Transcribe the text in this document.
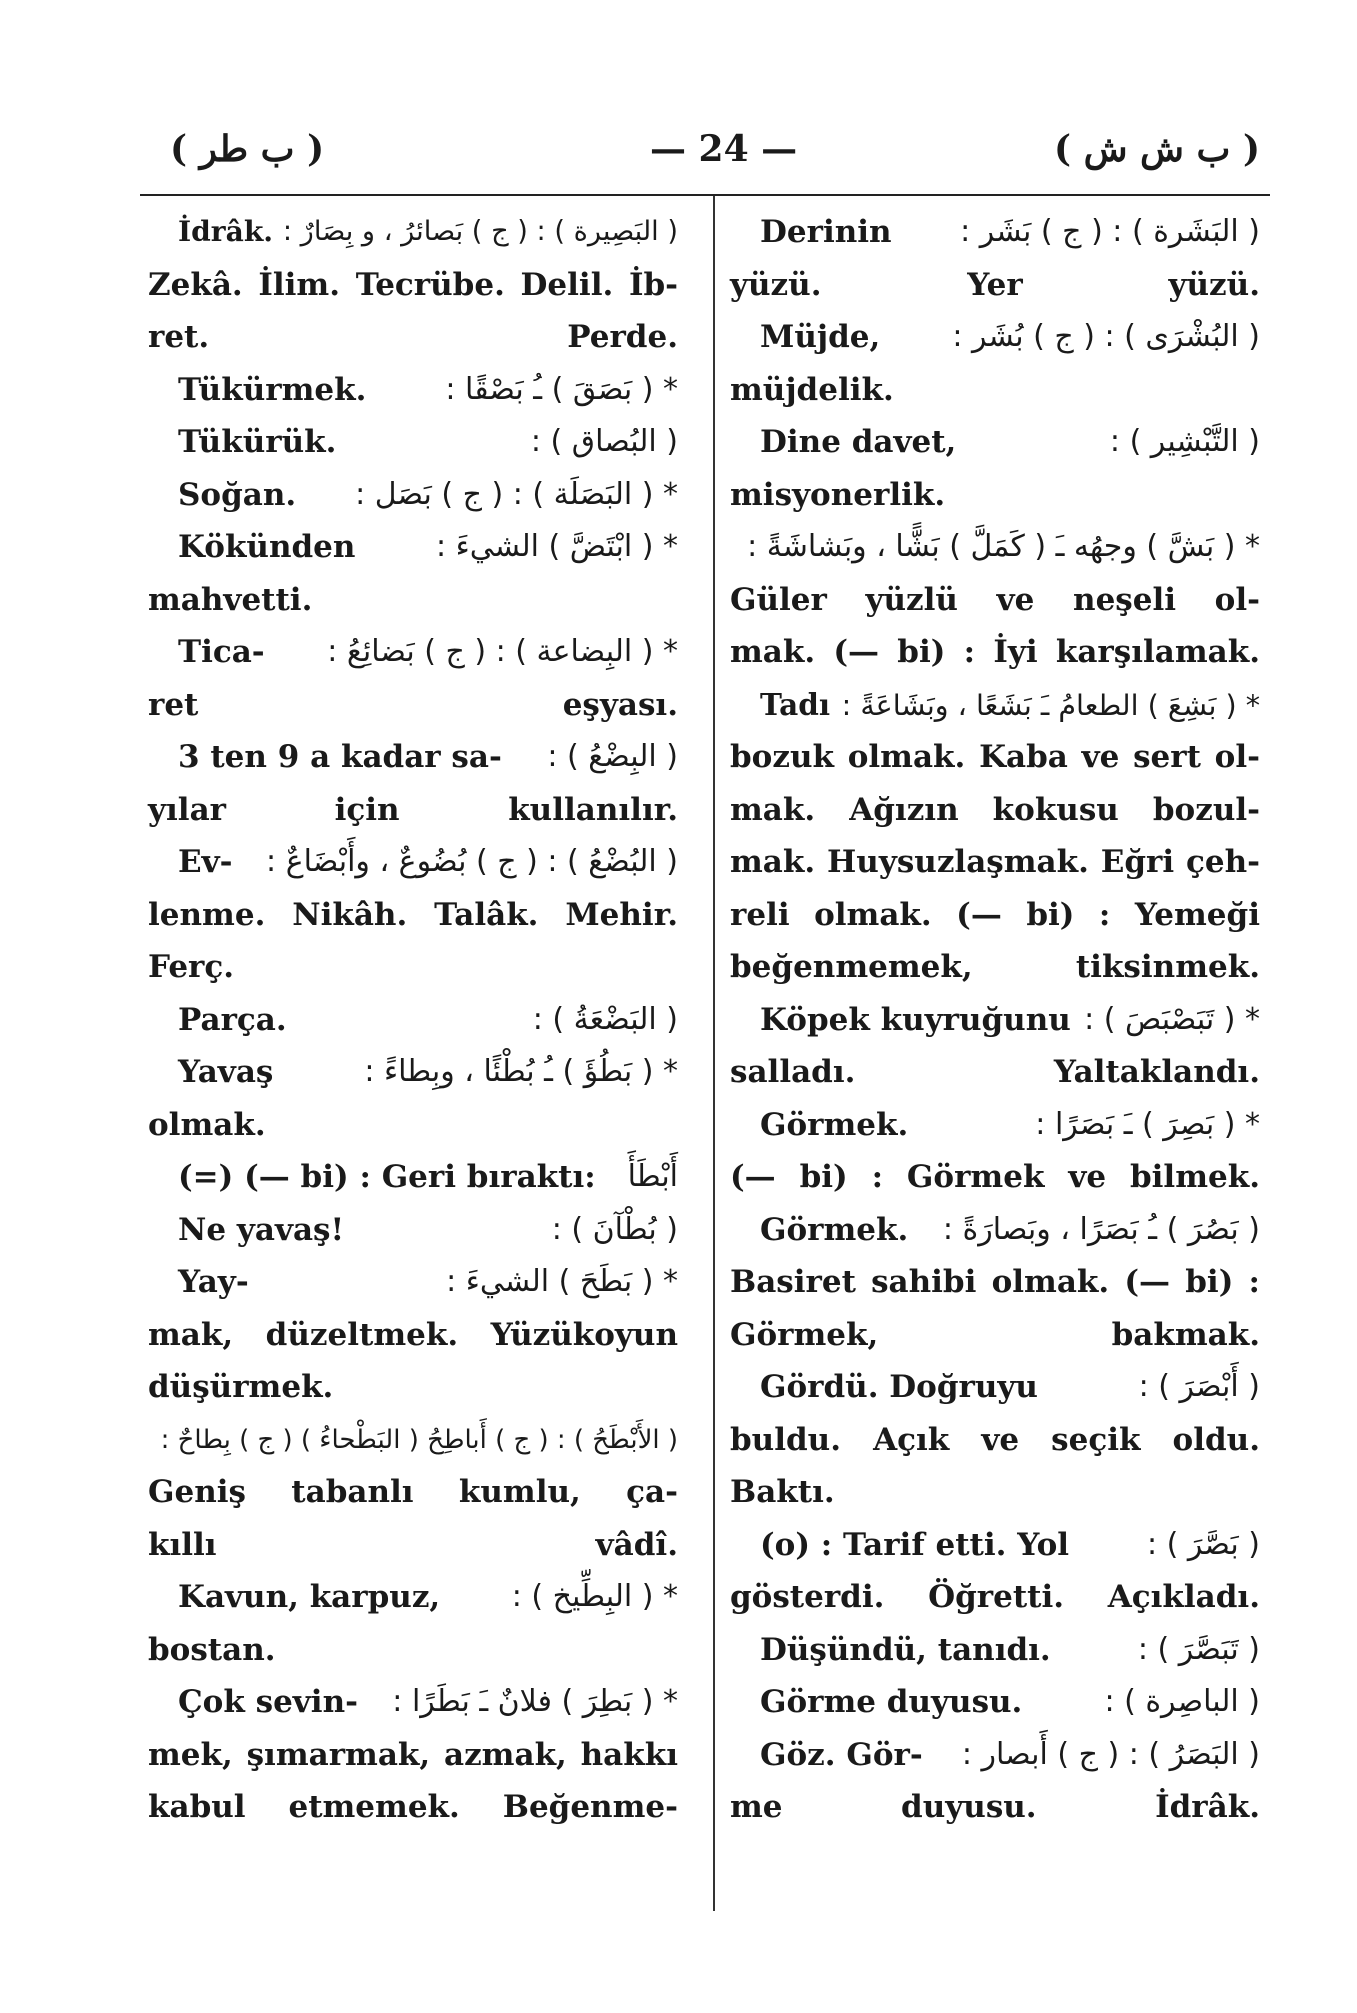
( ب طر )	— 24 —	( ب ش ش )
İdrâk. ( البَصِيرة ) : ( ج ) بَصائرُ ، و بِصَارٌ :
Zekâ. İlim. Tecrübe. Delil. İb-
ret. Perde.
Tükürmek.	* ( بَصَقَ ) ـُ بَصْقًا :
Tükürük.	( البُصاق ) :
Soğan. * ( البَصَلَة ) : ( ج ) بَصَل :
Kökünden	* ( ابْتَضَّ ) الشيءَ :
mahvetti.
Tica- * ( البِضاعة ) : ( ج ) بَضائِعُ :
ret eşyası.
3 ten 9 a kadar sa- ( البِضْعُ ) :
yılar için kullanılır.
Ev- ( البُضْعُ ) : ( ج ) بُضُوعٌ ، وأَبْضَاعٌ :
lenme. Nikâh. Talâk. Mehir.
Ferç.
Parça.	( البَضْعَةُ ) :
Yavaş	* ( بَطُؤَ ) ـُ بُطْئًا ، وبِطاءً :
olmak.
(=) (— bi) : Geri bıraktı: أَبْطَأَ
Ne yavaş!	( بُطْآنَ ) :
Yay-	* ( بَطَحَ ) الشيءَ :
mak, düzeltmek. Yüzükoyun
düşürmek.
( الأَبْطَحُ ) : ( ج ) أَباطِحُ ( البَطْحاءُ ) ( ج ) بِطاحٌ :
Geniş tabanlı kumlu, ça-
kıllı vâdî.
Kavun, karpuz, * ( البِطِّيخ ) :
bostan.
Çok sevin- * ( بَطِرَ ) فلانٌ ـَ بَطَرًا :
mek, şımarmak, azmak, hakkı
kabul etmemek. Beğenme-
Derinin ( البَشَرة ) : ( ج ) بَشَر :
yüzü. Yer yüzü.
Müjde, ( البُشْرَى ) : ( ج ) بُشَر :
müjdelik.
Dine davet,	( التَّبْشِير ) :
misyonerlik.
* ( بَشَّ ) وجهُه ـَ ( كَمَلَّ ) بَشًّا ، وبَشاشَةً :
Güler yüzlü ve neşeli ol-
mak. (— bi) : İyi karşılamak.
Tadı * ( بَشِعَ ) الطعامُ ـَ بَشَعًا ، وبَشَاعَةً :
bozuk olmak. Kaba ve sert ol-
mak. Ağızın kokusu bozul-
mak. Huysuzlaşmak. Eğri çeh-
reli olmak. (— bi) : Yemeği
beğenmemek, tiksinmek.
Köpek kuyruğunu * ( تَبَصْبَصَ ) :
salladı. Yaltaklandı.
Görmek.	* ( بَصِرَ ) ـَ بَصَرًا :
(— bi) : Görmek ve bilmek.
Görmek. ( بَصُرَ ) ـُ بَصَرًا ، وبَصارَةً :
Basiret sahibi olmak. (— bi) :
Görmek, bakmak.
Gördü. Doğruyu	( أَبْصَرَ ) :
buldu. Açık ve seçik oldu.
Baktı.
(o) : Tarif etti. Yol	( بَصَّرَ ) :
gösterdi. Öğretti. Açıkladı.
Düşündü, tanıdı.	( تَبَصَّرَ ) :
Görme duyusu.	( الباصِرة ) :
Göz. Gör- ( البَصَرُ ) : ( ج ) أَبصار :
me duyusu. İdrâk.
